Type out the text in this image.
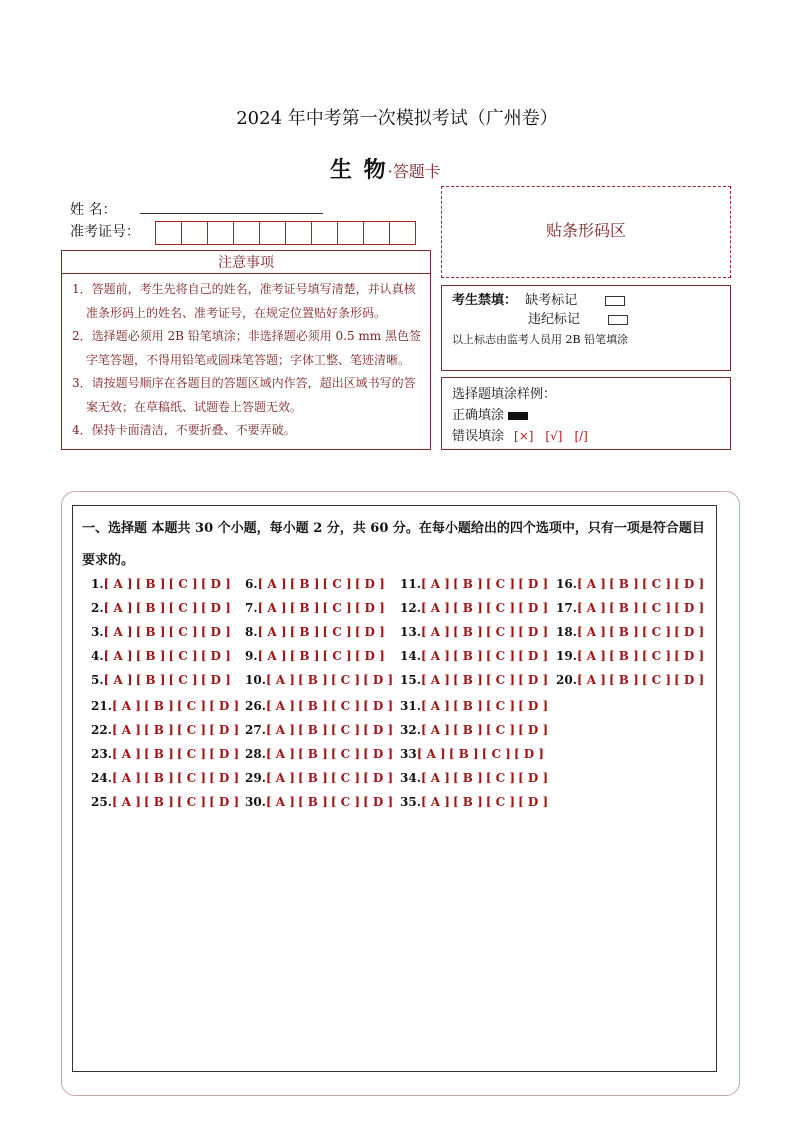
2024 年中考第一次模拟考试（广州卷）
生 物·答题卡
姓 名：
准考证号：
注意事项
1．答题前，考生先将自己的姓名，准考证号填写清楚，并认真核准条形码上的姓名、准考证号，在规定位置贴好条形码。
2．选择题必须用 2B 铅笔填涂；非选择题必须用 0.5 mm 黑色签字笔答题，不得用铅笔或圆珠笔答题；字体工整、笔迹清晰。
3．请按题号顺序在各题目的答题区域内作答，超出区域书写的答案无效；在草稿纸、试题卷上答题无效。
4．保持卡面清洁，不要折叠、不要弄破。
贴条形码区
考生禁填： 缺考标记
违纪标记
以上标志由监考人员用 2B 铅笔填涂
选择题填涂样例：
正确填涂
错误填涂 [×]　[√]　[/]
一、选择题 本题共 30 个小题，每小题 2 分，共 60 分。在每小题给出的四个选项中，只有一项是符合题目要求的。
1.[ A ] [ B ] [ C ] [ D ]
2.[ A ] [ B ] [ C ] [ D ]
3.[ A ] [ B ] [ C ] [ D ]
4.[ A ] [ B ] [ C ] [ D ]
5.[ A ] [ B ] [ C ] [ D ]
6.[ A ] [ B ] [ C ] [ D ]
7.[ A ] [ B ] [ C ] [ D ]
8.[ A ] [ B ] [ C ] [ D ]
9.[ A ] [ B ] [ C ] [ D ]
10.[ A ] [ B ] [ C ] [ D ]
11.[ A ] [ B ] [ C ] [ D ]
12.[ A ] [ B ] [ C ] [ D ]
13.[ A ] [ B ] [ C ] [ D ]
14.[ A ] [ B ] [ C ] [ D ]
15.[ A ] [ B ] [ C ] [ D ]
16.[ A ] [ B ] [ C ] [ D ]
17.[ A ] [ B ] [ C ] [ D ]
18.[ A ] [ B ] [ C ] [ D ]
19.[ A ] [ B ] [ C ] [ D ]
20.[ A ] [ B ] [ C ] [ D ]
21.[ A ] [ B ] [ C ] [ D ]
22.[ A ] [ B ] [ C ] [ D ]
23.[ A ] [ B ] [ C ] [ D ]
24.[ A ] [ B ] [ C ] [ D ]
25.[ A ] [ B ] [ C ] [ D ]
26.[ A ] [ B ] [ C ] [ D ]
27.[ A ] [ B ] [ C ] [ D ]
28.[ A ] [ B ] [ C ] [ D ]
29.[ A ] [ B ] [ C ] [ D ]
30.[ A ] [ B ] [ C ] [ D ]
31.[ A ] [ B ] [ C ] [ D ]
32.[ A ] [ B ] [ C ] [ D ]
33[ A ] [ B ] [ C ] [ D ]
34.[ A ] [ B ] [ C ] [ D ]
35.[ A ] [ B ] [ C ] [ D ]
